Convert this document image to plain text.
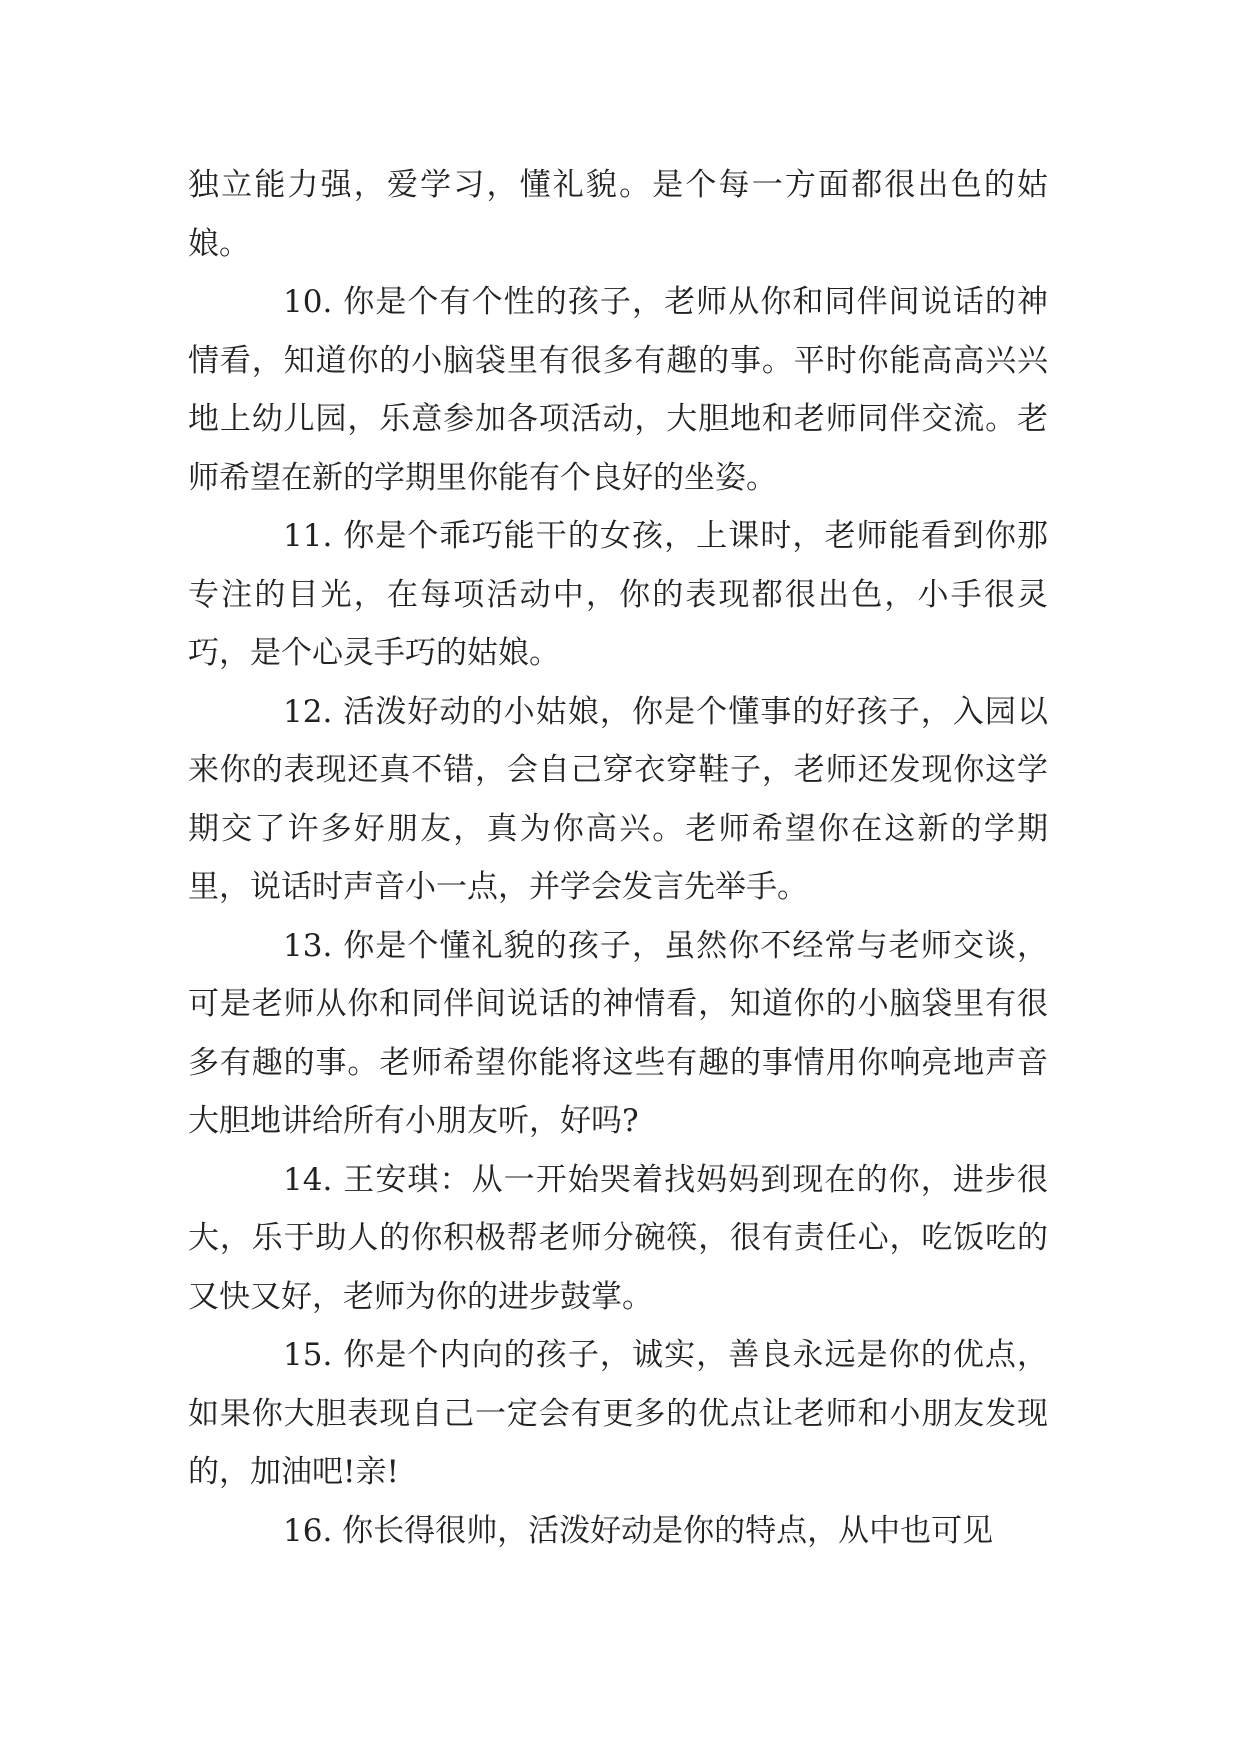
独立能力强，爱学习，懂礼貌。是个每一方面都很出色的姑娘。

10. 你是个有个性的孩子，老师从你和同伴间说话的神情看，知道你的小脑袋里有很多有趣的事。平时你能高高兴兴地上幼儿园，乐意参加各项活动，大胆地和老师同伴交流。老师希望在新的学期里你能有个良好的坐姿。

11. 你是个乖巧能干的女孩，上课时，老师能看到你那专注的目光，在每项活动中，你的表现都很出色，小手很灵巧，是个心灵手巧的姑娘。

12. 活泼好动的小姑娘，你是个懂事的好孩子，入园以来你的表现还真不错，会自己穿衣穿鞋子，老师还发现你这学期交了许多好朋友，真为你高兴。老师希望你在这新的学期里，说话时声音小一点，并学会发言先举手。

13. 你是个懂礼貌的孩子，虽然你不经常与老师交谈，可是老师从你和同伴间说话的神情看，知道你的小脑袋里有很多有趣的事。老师希望你能将这些有趣的事情用你响亮地声音大胆地讲给所有小朋友听，好吗?

14. 王安琪：从一开始哭着找妈妈到现在的你，进步很大，乐于助人的你积极帮老师分碗筷，很有责任心，吃饭吃的又快又好，老师为你的进步鼓掌。

15. 你是个内向的孩子，诚实，善良永远是你的优点，如果你大胆表现自己一定会有更多的优点让老师和小朋友发现的，加油吧!亲!

16. 你长得很帅，活泼好动是你的特点，从中也可见
